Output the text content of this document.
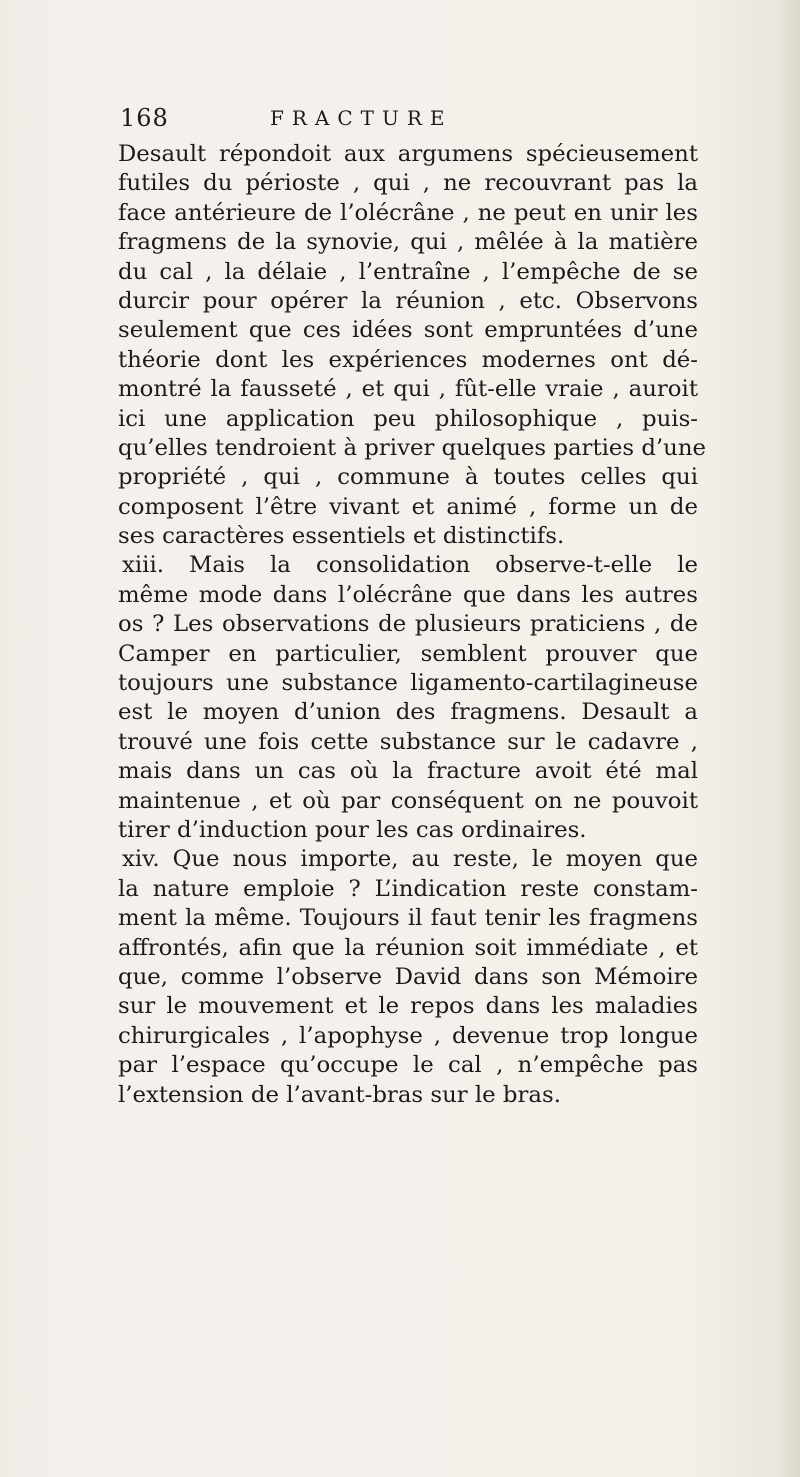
168	FRACTURE
Desault répondoit aux argumens spécieusement
futiles du périoste , qui , ne recouvrant pas la
face antérieure de l’olécrâne , ne peut en unir les
fragmens de la synovie, qui , mêlée à la matière
du cal , la délaie , l’entraîne , l’empêche de se
durcir pour opérer la réunion , etc. Observons
seulement que ces idées sont empruntées d’une
théorie dont les expériences modernes ont dé-
montré la fausseté , et qui , fût-elle vraie , auroit
ici une application peu philosophique , puis-
qu’elles tendroient à priver quelques parties d’une
propriété , qui , commune à toutes celles qui
composent l’être vivant et animé , forme un de
ses caractères essentiels et distinctifs.
xiii. Mais la consolidation observe-t-elle le
même mode dans l’olécrâne que dans les autres
os ? Les observations de plusieurs praticiens , de
Camper en particulier, semblent prouver que
toujours une substance ligamento-cartilagineuse
est le moyen d’union des fragmens. Desault a
trouvé une fois cette substance sur le cadavre ,
mais dans un cas où la fracture avoit été mal
maintenue , et où par conséquent on ne pouvoit
tirer d’induction pour les cas ordinaires.
xiv. Que nous importe, au reste, le moyen que
la nature emploie ? L’indication reste constam-
ment la même. Toujours il faut tenir les fragmens
affrontés, afin que la réunion soit immédiate , et
que, comme l’observe David dans son Mémoire
sur le mouvement et le repos dans les maladies
chirurgicales , l’apophyse , devenue trop longue
par l’espace qu’occupe le cal , n’empêche pas
l’extension de l’avant-bras sur le bras.
